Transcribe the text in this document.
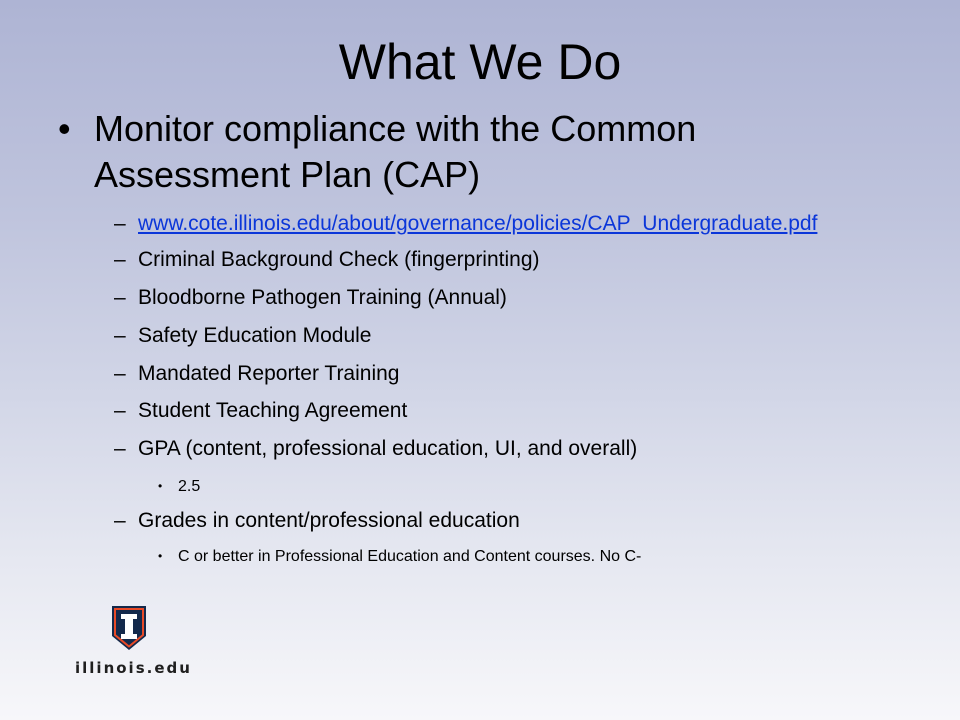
What We Do
• Monitor compliance with the Common Assessment Plan (CAP)
– www.cote.illinois.edu/about/governance/policies/CAP_Undergraduate.pdf
– Criminal Background Check (fingerprinting)
– Bloodborne Pathogen Training (Annual)
– Safety Education Module
– Mandated Reporter Training
– Student Teaching Agreement
– GPA (content, professional education, UI, and overall)
• 2.5
– Grades in content/professional education
• C or better in Professional Education and Content courses. No C-
illinois.edu
